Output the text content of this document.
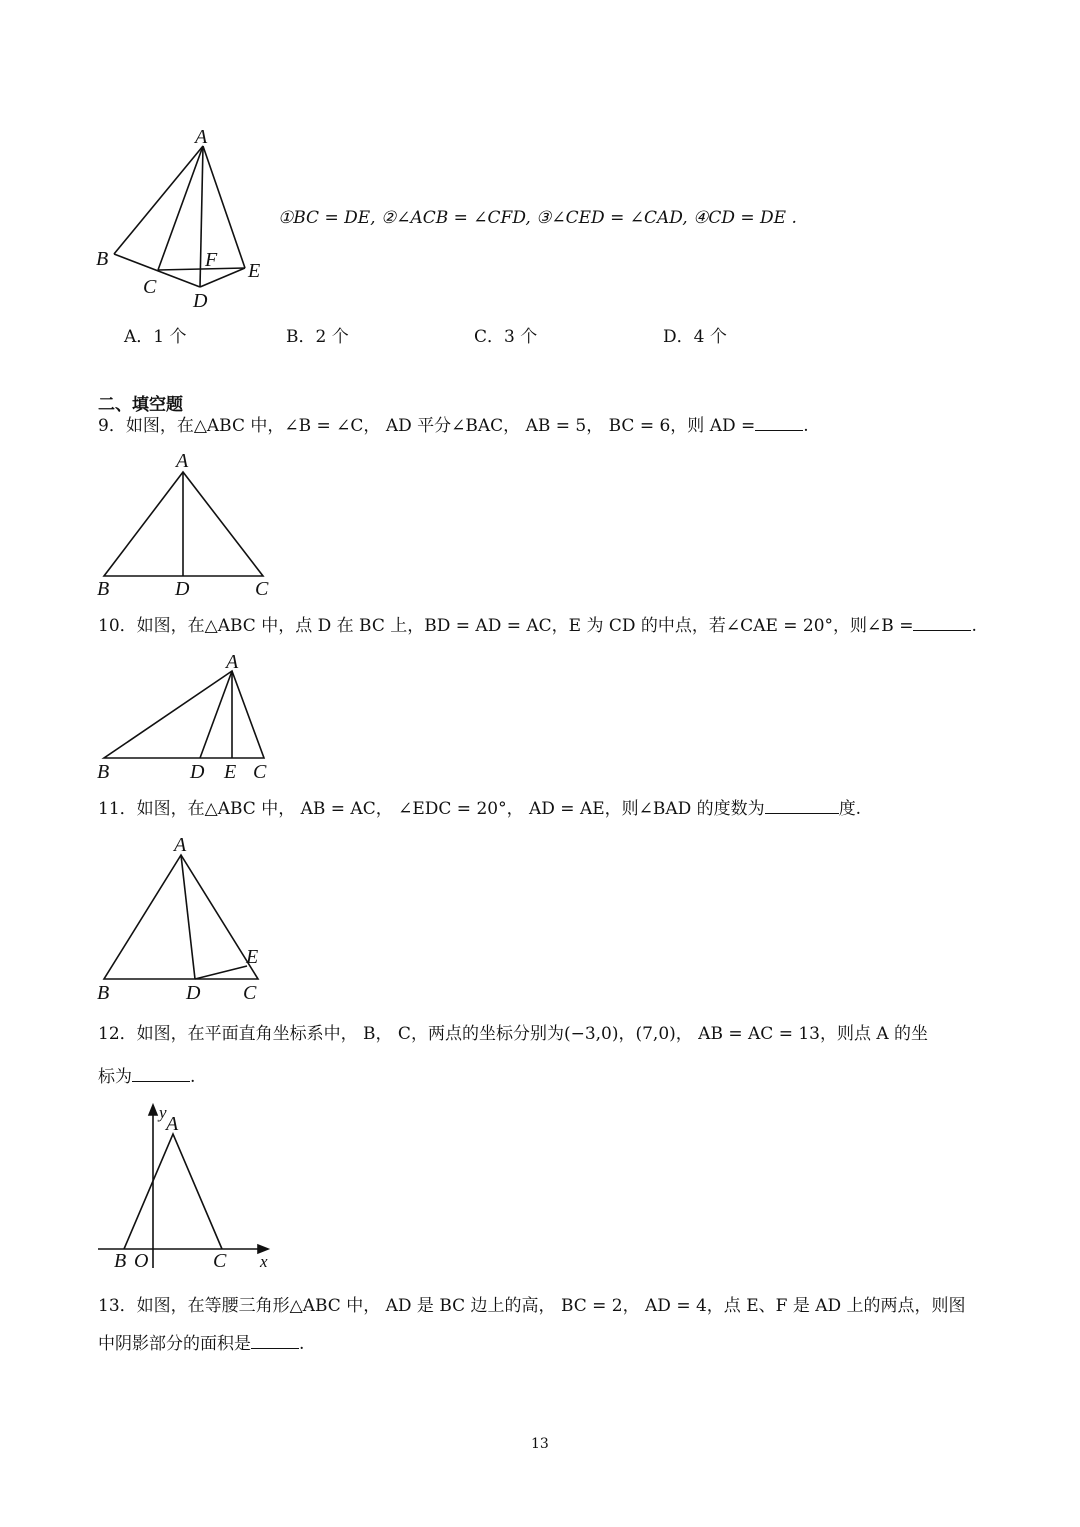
A
B	F E
C
D
①BC = DE, ②∠ACB = ∠CFD, ③∠CED = ∠CAD, ④CD = DE .
A．1 个	B．2 个	C．3 个	D．4 个
二、填空题
9．如图，在△ABC 中，∠B = ∠C， AD 平分∠BAC， AB = 5， BC = 6，则 AD =	.
A
B	D	C
10．如图，在△ABC 中，点 D 在 BC 上，BD = AD = AC，E 为 CD 的中点，若∠CAE = 20°，则∠B =	.
A
B	D E C
11．如图，在△ABC 中， AB = AC， ∠EDC = 20°， AD = AE，则∠BAD 的度数为	度.
A
E
B	D C
12．如图，在平面直角坐标系中， B， C，两点的坐标分别为(−3,0)，(7,0)， AB = AC = 13，则点 A 的坐
标为	.
y
A
B O	C x
13．如图，在等腰三角形△ABC 中， AD 是 BC 边上的高， BC = 2， AD = 4，点 E、F 是 AD 上的两点，则图
中阴影部分的面积是	.
13
